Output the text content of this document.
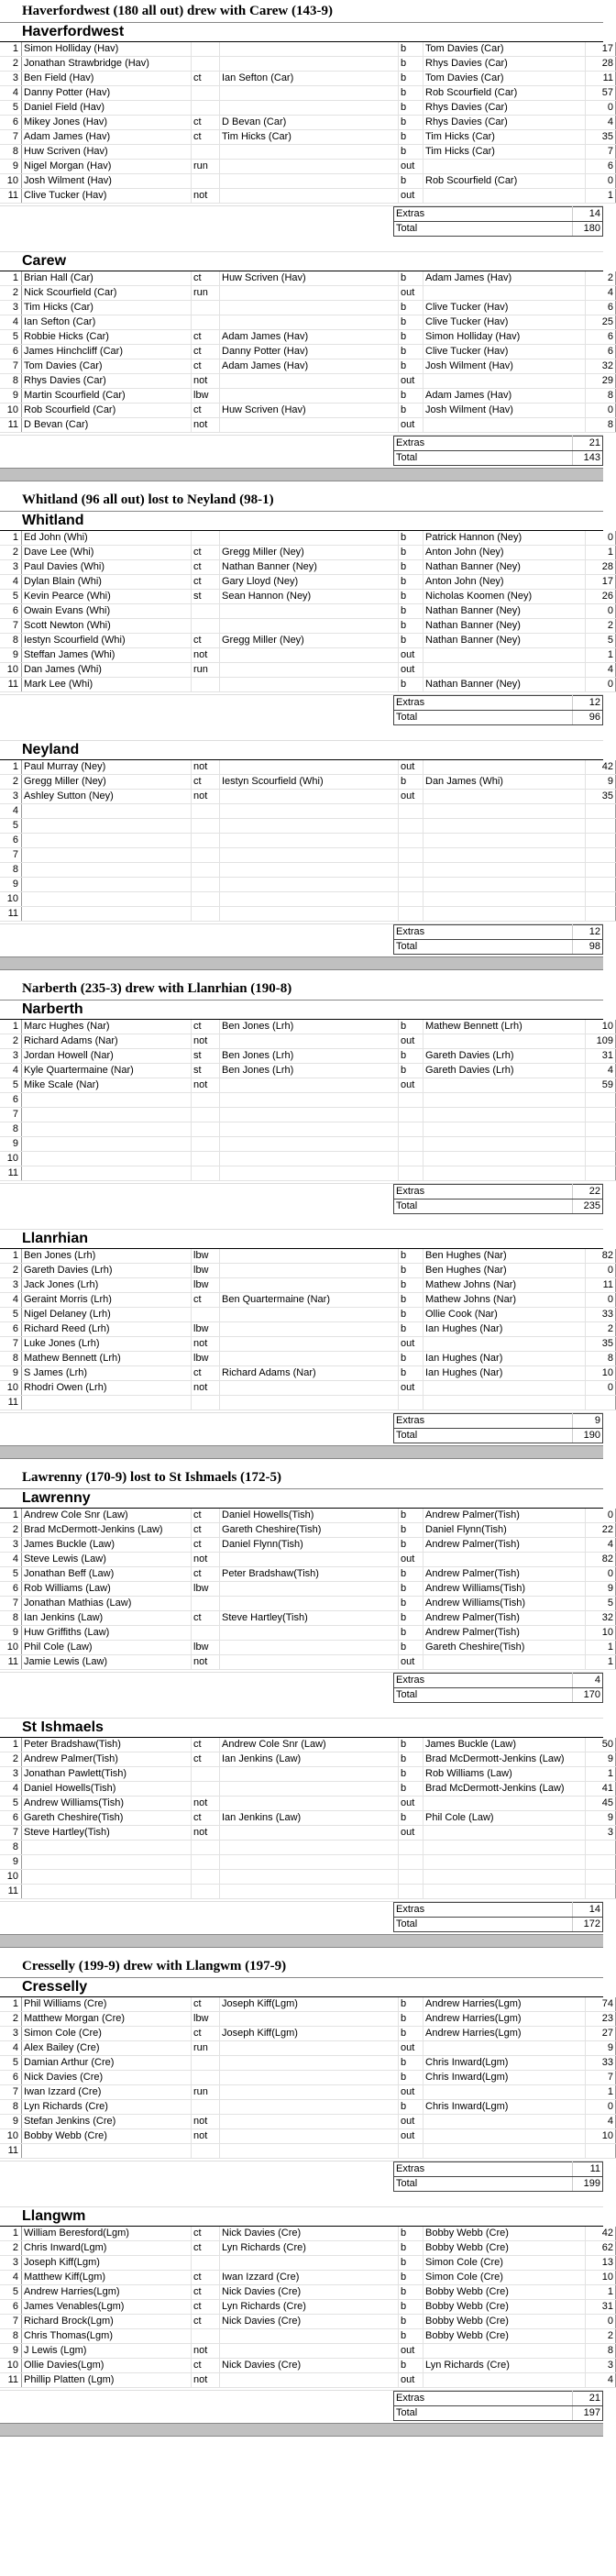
Haverfordwest (180 all out) drew with Carew (143-9)
Haverfordwest
1	Simon Holliday (Hav)			b	Tom Davies (Car)	17
2	Jonathan Strawbridge (Hav)			b	Rhys Davies (Car)	28
3	Ben Field (Hav)	ct	Ian Sefton (Car)	b	Tom Davies (Car)	11
4	Danny Potter (Hav)			b	Rob Scourfield (Car)	57
5	Daniel Field (Hav)			b	Rhys Davies (Car)	0
6	Mikey Jones (Hav)	ct	D Bevan (Car)	b	Rhys Davies (Car)	4
7	Adam James (Hav)	ct	Tim Hicks (Car)	b	Tim Hicks (Car)	35
8	Huw Scriven (Hav)			b	Tim Hicks (Car)	7
9	Nigel Morgan (Hav)	run		out		6
10	Josh Wilment (Hav)			b	Rob Scourfield (Car)	0
11	Clive Tucker (Hav)	not		out		1
	Extras	14
	Total	180
Carew
1	Brian Hall (Car)	ct	Huw Scriven (Hav)	b	Adam James (Hav)	2
2	Nick Scourfield (Car)	run		out		4
3	Tim Hicks (Car)			b	Clive Tucker (Hav)	6
4	Ian Sefton (Car)			b	Clive Tucker (Hav)	25
5	Robbie Hicks (Car)	ct	Adam James (Hav)	b	Simon Holliday (Hav)	6
6	James Hinchcliff (Car)	ct	Danny Potter (Hav)	b	Clive Tucker (Hav)	6
7	Tom Davies (Car)	ct	Adam James (Hav)	b	Josh Wilment (Hav)	32
8	Rhys Davies (Car)	not		out		29
9	Martin Scourfield (Car)	lbw		b	Adam James (Hav)	8
10	Rob Scourfield (Car)	ct	Huw Scriven (Hav)	b	Josh Wilment (Hav)	0
11	D Bevan (Car)	not		out		8
	Extras	21
	Total	143
Whitland (96 all out) lost to Neyland (98-1)
Whitland
1	Ed John (Whi)			b	Patrick Hannon (Ney)	0
2	Dave Lee (Whi)	ct	Gregg Miller (Ney)	b	Anton John (Ney)	1
3	Paul Davies (Whi)	ct	Nathan Banner (Ney)	b	Nathan Banner (Ney)	28
4	Dylan Blain (Whi)	ct	Gary Lloyd (Ney)	b	Anton John (Ney)	17
5	Kevin Pearce (Whi)	st	Sean Hannon (Ney)	b	Nicholas Koomen (Ney)	26
6	Owain Evans (Whi)			b	Nathan Banner (Ney)	0
7	Scott Newton (Whi)			b	Nathan Banner (Ney)	2
8	Iestyn Scourfield (Whi)	ct	Gregg Miller (Ney)	b	Nathan Banner (Ney)	5
9	Steffan James (Whi)	not		out		1
10	Dan James (Whi)	run		out		4
11	Mark Lee (Whi)			b	Nathan Banner (Ney)	0
	Extras	12
	Total	96
Neyland
1	Paul Murray (Ney)	not		out		42
2	Gregg Miller (Ney)	ct	Iestyn Scourfield (Whi)	b	Dan James (Whi)	9
3	Ashley Sutton (Ney)	not		out		35
4						
5						
6						
7						
8						
9						
10						
11						
	Extras	12
	Total	98
Narberth (235-3) drew with Llanrhian (190-8)
Narberth
1	Marc Hughes (Nar)	ct	Ben Jones (Lrh)	b	Mathew Bennett (Lrh)	10
2	Richard Adams (Nar)	not		out		109
3	Jordan Howell (Nar)	st	Ben Jones (Lrh)	b	Gareth Davies (Lrh)	31
4	Kyle Quartermaine (Nar)	st	Ben Jones (Lrh)	b	Gareth Davies (Lrh)	4
5	Mike Scale (Nar)	not		out		59
6						
7						
8						
9						
10						
11						
	Extras	22
	Total	235
Llanrhian
1	Ben Jones (Lrh)	lbw		b	Ben Hughes (Nar)	82
2	Gareth Davies (Lrh)	lbw		b	Ben Hughes (Nar)	0
3	Jack Jones (Lrh)	lbw		b	Mathew Johns (Nar)	11
4	Geraint Morris (Lrh)	ct	Ben Quartermaine (Nar)	b	Mathew Johns (Nar)	0
5	Nigel Delaney (Lrh)			b	Ollie Cook (Nar)	33
6	Richard Reed (Lrh)	lbw		b	Ian Hughes (Nar)	2
7	Luke Jones (Lrh)	not		out		35
8	Mathew Bennett (Lrh)	lbw		b	Ian Hughes (Nar)	8
9	S James (Lrh)	ct	Richard Adams (Nar)	b	Ian Hughes (Nar)	10
10	Rhodri Owen (Lrh)	not		out		0
11						
	Extras	9
	Total	190
Lawrenny (170-9) lost to St Ishmaels (172-5)
Lawrenny
1	Andrew Cole Snr (Law)	ct	Daniel Howells(Tish)	b	Andrew Palmer(Tish)	0
2	Brad McDermott-Jenkins (Law)	ct	Gareth Cheshire(Tish)	b	Daniel Flynn(Tish)	22
3	James Buckle (Law)	ct	Daniel Flynn(Tish)	b	Andrew Palmer(Tish)	4
4	Steve Lewis (Law)	not		out		82
5	Jonathan Beff (Law)	ct	Peter Bradshaw(Tish)	b	Andrew Palmer(Tish)	0
6	Rob Williams (Law)	lbw		b	Andrew Williams(Tish)	9
7	Jonathan Mathias (Law)			b	Andrew Williams(Tish)	5
8	Ian Jenkins (Law)	ct	Steve Hartley(Tish)	b	Andrew Palmer(Tish)	32
9	Huw Griffiths (Law)			b	Andrew Palmer(Tish)	10
10	Phil Cole (Law)	lbw		b	Gareth Cheshire(Tish)	1
11	Jamie Lewis (Law)	not		out		1
	Extras	4
	Total	170
St Ishmaels
1	Peter Bradshaw(Tish)	ct	Andrew Cole Snr (Law)	b	James Buckle (Law)	50
2	Andrew Palmer(Tish)	ct	Ian Jenkins (Law)	b	Brad McDermott-Jenkins (Law)	9
3	Jonathan Pawlett(Tish)			b	Rob Williams (Law)	1
4	Daniel Howells(Tish)			b	Brad McDermott-Jenkins (Law)	41
5	Andrew Williams(Tish)	not		out		45
6	Gareth Cheshire(Tish)	ct	Ian Jenkins (Law)	b	Phil Cole (Law)	9
7	Steve Hartley(Tish)	not		out		3
8						
9						
10						
11						
	Extras	14
	Total	172
Cresselly (199-9) drew with Llangwm (197-9)
Cresselly
1	Phil Williams (Cre)	ct	Joseph Kiff(Lgm)	b	Andrew Harries(Lgm)	74
2	Matthew Morgan (Cre)	lbw		b	Andrew Harries(Lgm)	23
3	Simon Cole (Cre)	ct	Joseph Kiff(Lgm)	b	Andrew Harries(Lgm)	27
4	Alex Bailey (Cre)	run		out		9
5	Damian Arthur (Cre)			b	Chris Inward(Lgm)	33
6	Nick Davies (Cre)			b	Chris Inward(Lgm)	7
7	Iwan Izzard (Cre)	run		out		1
8	Lyn Richards (Cre)			b	Chris Inward(Lgm)	0
9	Stefan Jenkins (Cre)	not		out		4
10	Bobby Webb (Cre)	not		out		10
11						
	Extras	11
	Total	199
Llangwm
1	William Beresford(Lgm)	ct	Nick Davies (Cre)	b	Bobby Webb (Cre)	42
2	Chris Inward(Lgm)	ct	Lyn Richards (Cre)	b	Bobby Webb (Cre)	62
3	Joseph Kiff(Lgm)			b	Simon Cole (Cre)	13
4	Matthew Kiff(Lgm)	ct	Iwan Izzard (Cre)	b	Simon Cole (Cre)	10
5	Andrew Harries(Lgm)	ct	Nick Davies (Cre)	b	Bobby Webb (Cre)	1
6	James Venables(Lgm)	ct	Lyn Richards (Cre)	b	Bobby Webb (Cre)	31
7	Richard Brock(Lgm)	ct	Nick Davies (Cre)	b	Bobby Webb (Cre)	0
8	Chris Thomas(Lgm)			b	Bobby Webb (Cre)	2
9	J Lewis (Lgm)	not		out		8
10	Ollie Davies(Lgm)	ct	Nick Davies (Cre)	b	Lyn Richards (Cre)	3
11	Phillip Platten (Lgm)	not		out		4
	Extras	21
	Total	197
